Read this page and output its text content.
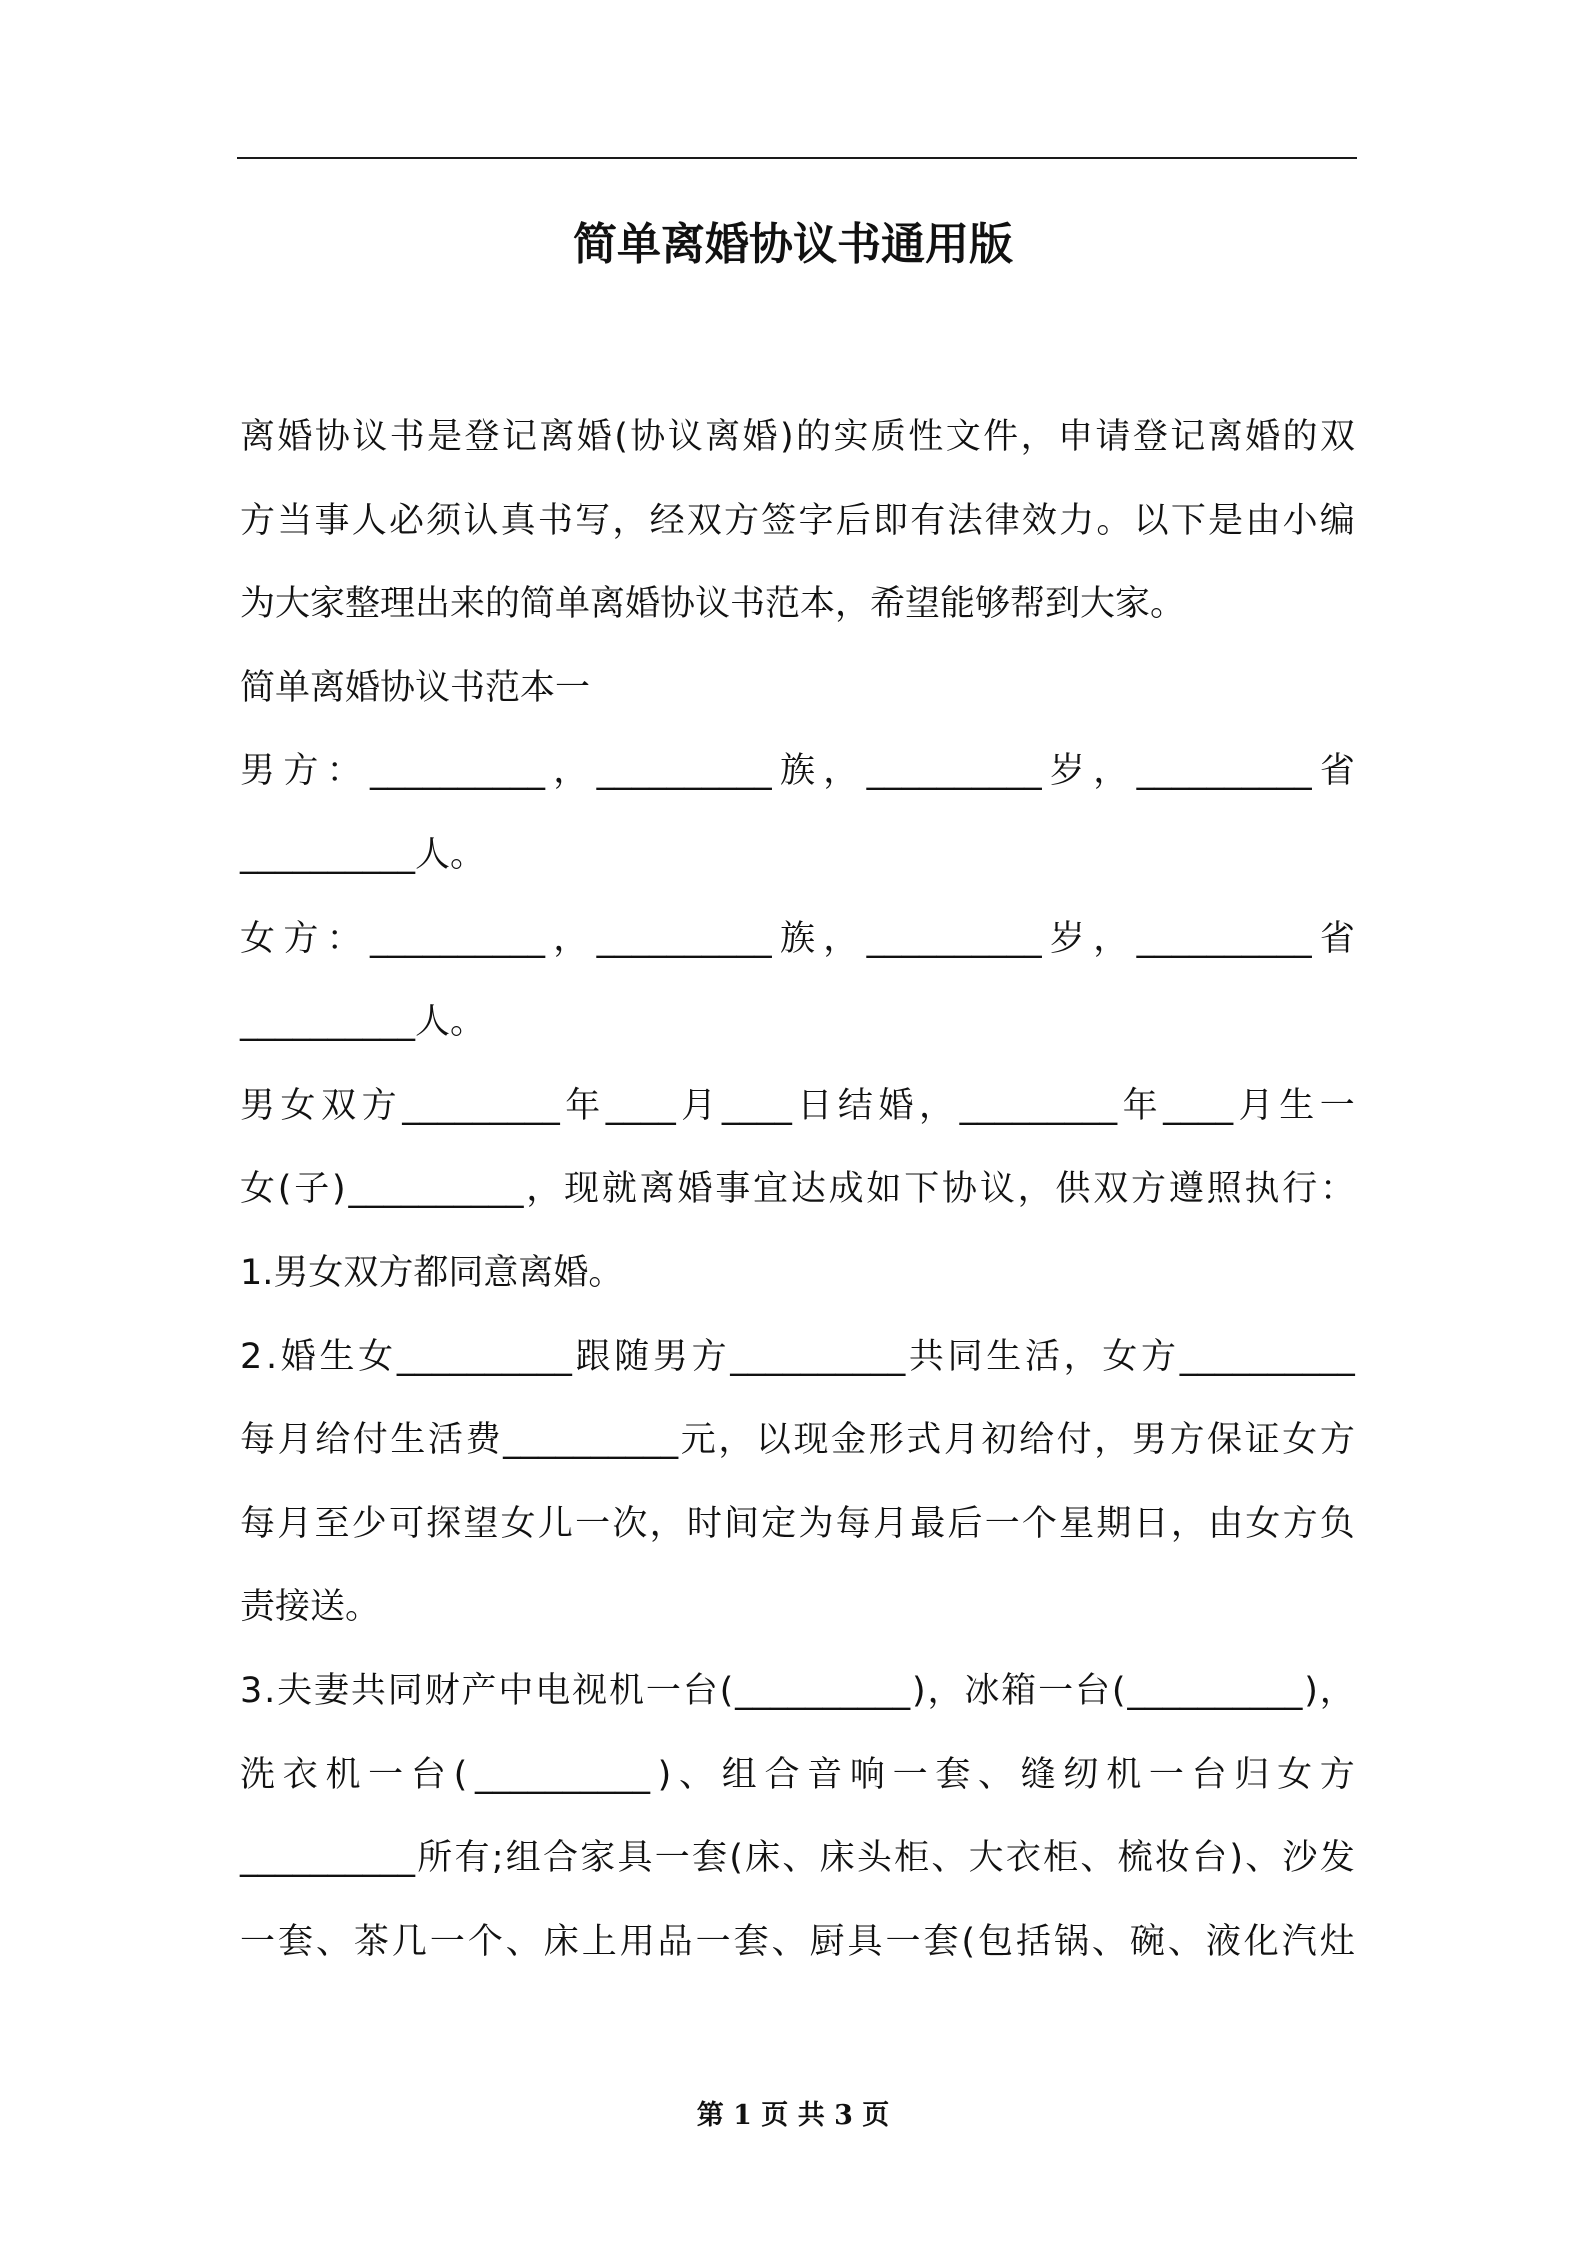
简单离婚协议书通用版
离 婚 协 议 书 是 登 记 离 婚 ( 协 议 离 婚 ) 的 实 质 性 文 件 ， 申 请 登 记 离 婚 的 双
方 当 事 人 必 须 认 真 书 写 ， 经 双 方 签 字 后 即 有 法 律 效 力 。 以 下 是 由 小 编
为大家整理出来的简单离婚协议书范本，希望能够帮到大家。
简单离婚协议书范本一
男 方 ： __________ ， __________ 族 ， __________ 岁 ， __________ 省
__________人。
女 方 ： __________ ， __________ 族 ， __________ 岁 ， __________ 省
__________人。
男 女 双 方 _________ 年 ____ 月 ____ 日 结 婚 ， _________ 年 ____ 月 生 一
女 ( 子 ) __________ ， 现 就 离 婚 事 宜 达 成 如 下 协 议 ， 供 双 方 遵 照 执 行 ：
1.男女双方都同意离婚。
2 . 婚 生 女 __________ 跟 随 男 方 __________ 共 同 生 活 ， 女 方 __________
每 月 给 付 生 活 费 __________ 元 ， 以 现 金 形 式 月 初 给 付 ， 男 方 保 证 女 方
每 月 至 少 可 探 望 女 儿 一 次 ， 时 间 定 为 每 月 最 后 一 个 星 期 日 ， 由 女 方 负
责接送。
3 . 夫 妻 共 同 财 产 中 电 视 机 一 台 ( __________ ) ， 冰 箱 一 台 ( __________ ) ，
洗 衣 机 一 台 ( __________ ) 、 组 合 音 响 一 套 、 缝 纫 机 一 台 归 女 方
__________ 所 有 ; 组 合 家 具 一 套 ( 床 、 床 头 柜 、 大 衣 柜 、 梳 妆 台 ) 、 沙 发
一 套 、 茶 几 一 个 、 床 上 用 品 一 套 、 厨 具 一 套 ( 包 括 锅 、 碗 、 液 化 汽 灶
第 1 页 共 3 页
